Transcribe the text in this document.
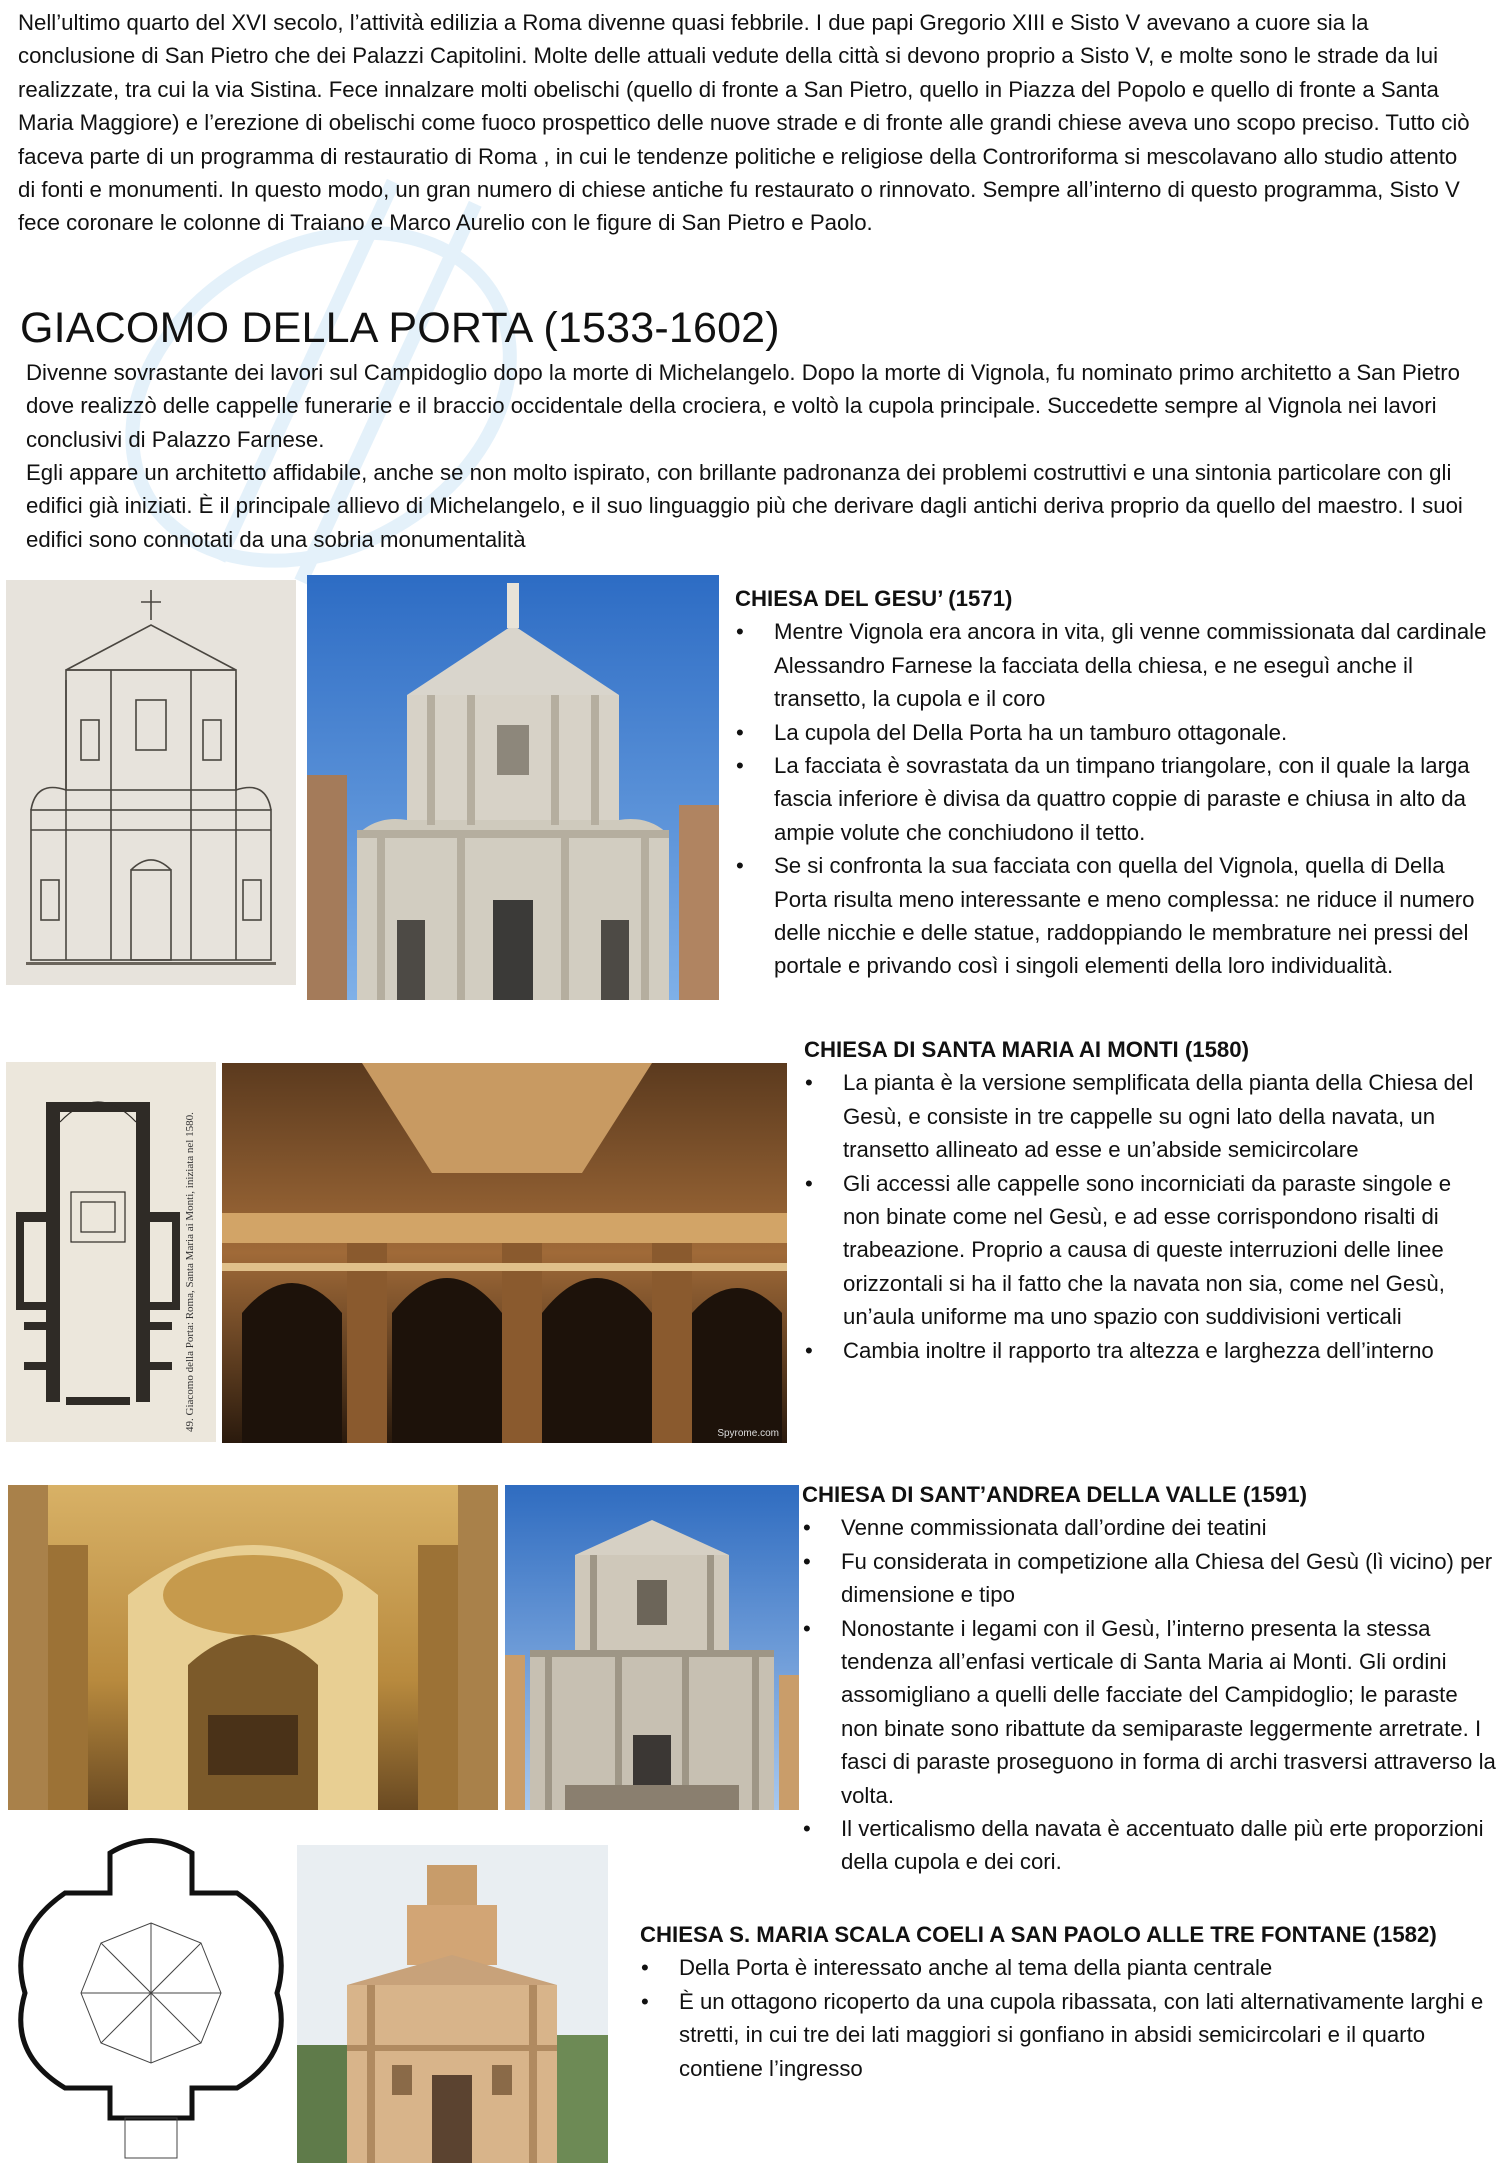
Nell’ultimo quarto del XVI secolo, l’attività edilizia a Roma divenne quasi febbrile. I due papi Gregorio XIII e Sisto V avevano a cuore sia la conclusione di San Pietro che dei Palazzi Capitolini. Molte delle attuali vedute della città si devono proprio a Sisto V, e molte sono le strade da lui realizzate, tra cui la via Sistina. Fece innalzare molti obelischi (quello di fronte a San Pietro, quello in Piazza del Popolo e quello di fronte a Santa Maria Maggiore) e l’erezione di obelischi come fuoco prospettico delle nuove strade e di fronte alle grandi chiese aveva uno scopo preciso. Tutto ciò faceva parte di un programma di restauratio di Roma , in cui le tendenze politiche e religiose della Controriforma si mescolavano allo studio attento di fonti e monumenti. In questo modo, un gran numero di chiese antiche fu restaurato o rinnovato. Sempre all’interno di questo programma, Sisto V fece coronare le colonne di Traiano e Marco Aurelio con le figure di San Pietro e Paolo.

GIACOMO DELLA PORTA (1533-1602)

Divenne sovrastante dei lavori sul Campidoglio dopo la morte di Michelangelo. Dopo la morte di Vignola, fu nominato primo architetto a San Pietro dove realizzò delle cappelle funerarie e il braccio occidentale della crociera, e voltò la cupola principale. Succedette sempre al Vignola nei lavori conclusivi di Palazzo Farnese.

Egli appare un architetto affidabile, anche se non molto ispirato, con brillante padronanza dei problemi costruttivi e una sintonia particolare con gli edifici già iniziati. È il principale allievo di Michelangelo, e il suo linguaggio più che derivare dagli antichi deriva proprio da quello del maestro. I suoi edifici sono connotati da una sobria monumentalità

CHIESA DEL GESU’ (1571)

• Mentre Vignola era ancora in vita, gli venne commissionata dal cardinale Alessandro Farnese la facciata della chiesa, e ne eseguì anche il transetto, la cupola e il coro
• La cupola del Della Porta ha un tamburo ottagonale.
• La facciata è sovrastata da un timpano triangolare, con il quale la larga fascia inferiore è divisa da quattro coppie di paraste e chiusa in alto da ampie volute che conchiudono il tetto.
• Se si confronta la sua facciata con quella del Vignola, quella di Della Porta risulta meno interessante e meno complessa: ne riduce il numero delle nicchie e delle statue, raddoppiando le membrature nei pressi del portale e privando così i singoli elementi della loro individualità.
49. Giacomo della Porta: Roma, Santa Maria ai Monti, iniziata nel 1580.
Spyrome.com

CHIESA DI SANTA MARIA AI MONTI (1580)

• La pianta è la versione semplificata della pianta della Chiesa del Gesù, e consiste in tre cappelle su ogni lato della navata, un transetto allineato ad esse e un’abside semicircolare
• Gli accessi alle cappelle sono incorniciati da paraste singole e non binate come nel Gesù, e ad esse corrispondono risalti di trabeazione. Proprio a causa di queste interruzioni delle linee orizzontali si ha il fatto che la navata non sia, come nel Gesù, un’aula uniforme ma uno spazio con suddivisioni verticali
• Cambia inoltre il rapporto tra altezza e larghezza dell’interno

CHIESA DI SANT’ANDREA DELLA VALLE (1591)

• Venne commissionata dall’ordine dei teatini
• Fu considerata in competizione alla Chiesa del Gesù (lì vicino) per dimensione e tipo
• Nonostante i legami con il Gesù, l’interno presenta la stessa tendenza all’enfasi verticale di Santa Maria ai Monti. Gli ordini assomigliano a quelli delle facciate del Campidoglio; le paraste non binate sono ribattute da semiparaste leggermente arretrate. I fasci di paraste proseguono in forma di archi trasversi attraverso la volta.
• Il verticalismo della navata è accentuato dalle più erte proporzioni della cupola e dei cori.

CHIESA S. MARIA SCALA COELI A SAN PAOLO ALLE TRE FONTANE (1582)

• Della Porta è interessato anche al tema della pianta centrale
• È un ottagono ricoperto da una cupola ribassata, con lati alternativamente larghi e stretti, in cui tre dei lati maggiori si gonfiano in absidi semicircolari e il quarto contiene l’ingresso
